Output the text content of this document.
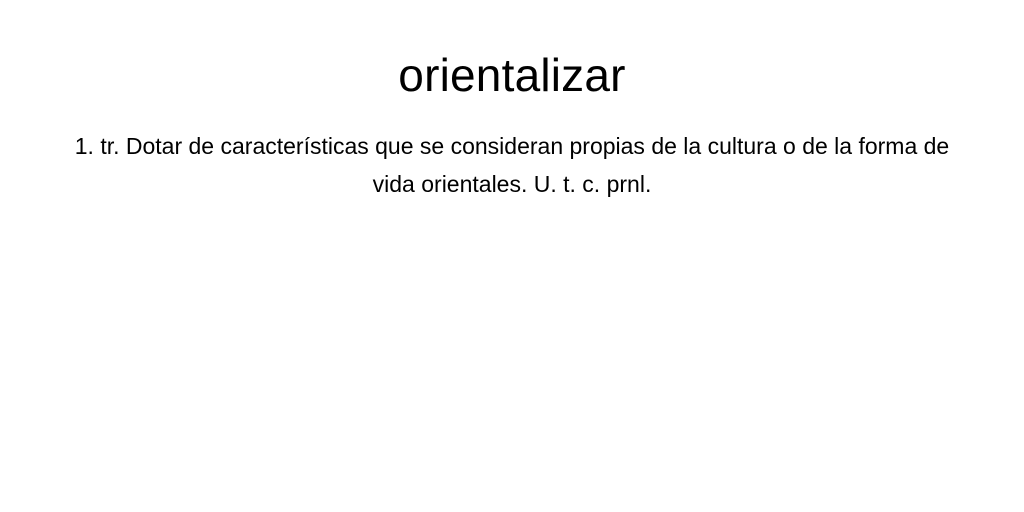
orientalizar

1. tr. Dotar de características que se consideran propias de la cultura o de la forma de vida orientales. U. t. c. prnl.
